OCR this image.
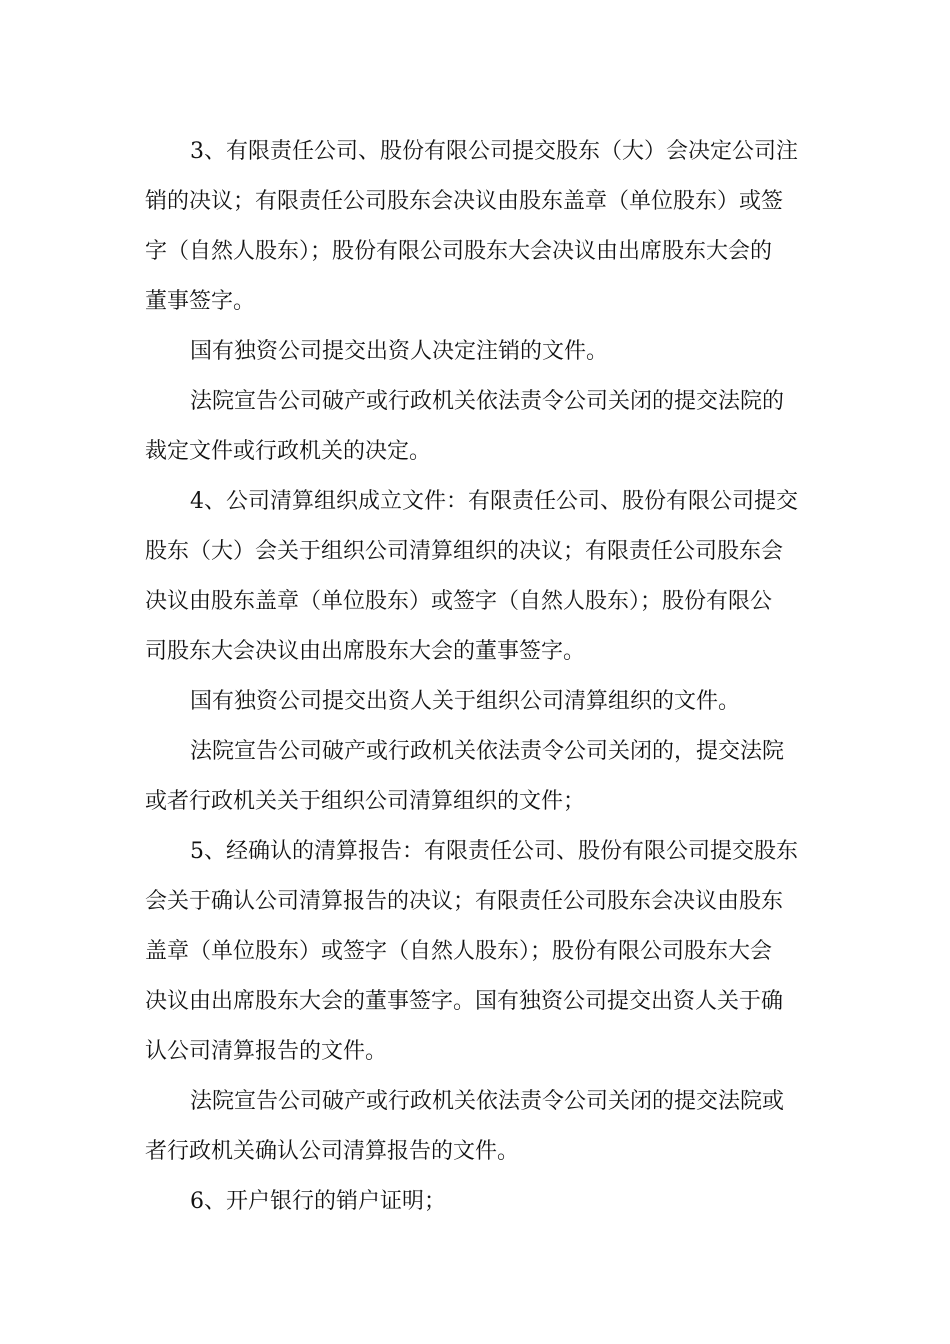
3、有限责任公司、股份有限公司提交股东（大）会决定公司注
销的决议；有限责任公司股东会决议由股东盖章（单位股东）或签
字（自然人股东）；股份有限公司股东大会决议由出席股东大会的
董事签字。
国有独资公司提交出资人决定注销的文件。
法院宣告公司破产或行政机关依法责令公司关闭的提交法院的
裁定文件或行政机关的决定。
4、公司清算组织成立文件：有限责任公司、股份有限公司提交
股东（大）会关于组织公司清算组织的决议；有限责任公司股东会
决议由股东盖章（单位股东）或签字（自然人股东）；股份有限公
司股东大会决议由出席股东大会的董事签字。
国有独资公司提交出资人关于组织公司清算组织的文件。
法院宣告公司破产或行政机关依法责令公司关闭的，提交法院
或者行政机关关于组织公司清算组织的文件；
5、经确认的清算报告：有限责任公司、股份有限公司提交股东
会关于确认公司清算报告的决议；有限责任公司股东会决议由股东
盖章（单位股东）或签字（自然人股东）；股份有限公司股东大会
决议由出席股东大会的董事签字。国有独资公司提交出资人关于确
认公司清算报告的文件。
法院宣告公司破产或行政机关依法责令公司关闭的提交法院或
者行政机关确认公司清算报告的文件。
6、开户银行的销户证明；
